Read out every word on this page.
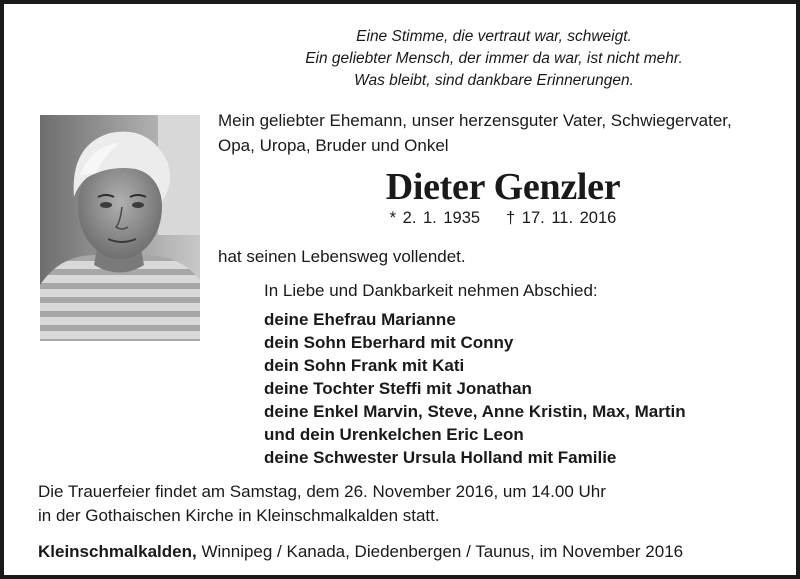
Eine Stimme, die vertraut war, schweigt.
Ein geliebter Mensch, der immer da war, ist nicht mehr.
Was bleibt, sind dankbare Erinnerungen.
Mein geliebter Ehemann, unser herzensguter Vater, Schwiegervater,
Opa, Uropa, Bruder und Onkel
Dieter Genzler
* 2. 1. 1935 † 17. 11. 2016
hat seinen Lebensweg vollendet.
In Liebe und Dankbarkeit nehmen Abschied:
deine Ehefrau Marianne
dein Sohn Eberhard mit Conny
dein Sohn Frank mit Kati
deine Tochter Steffi mit Jonathan
deine Enkel Marvin, Steve, Anne Kristin, Max, Martin
und dein Urenkelchen Eric Leon
deine Schwester Ursula Holland mit Familie
Die Trauerfeier findet am Samstag, dem 26. November 2016, um 14.00 Uhr
in der Gothaischen Kirche in Kleinschmalkalden statt.
Kleinschmalkalden, Winnipeg / Kanada, Diedenbergen / Taunus, im November 2016
